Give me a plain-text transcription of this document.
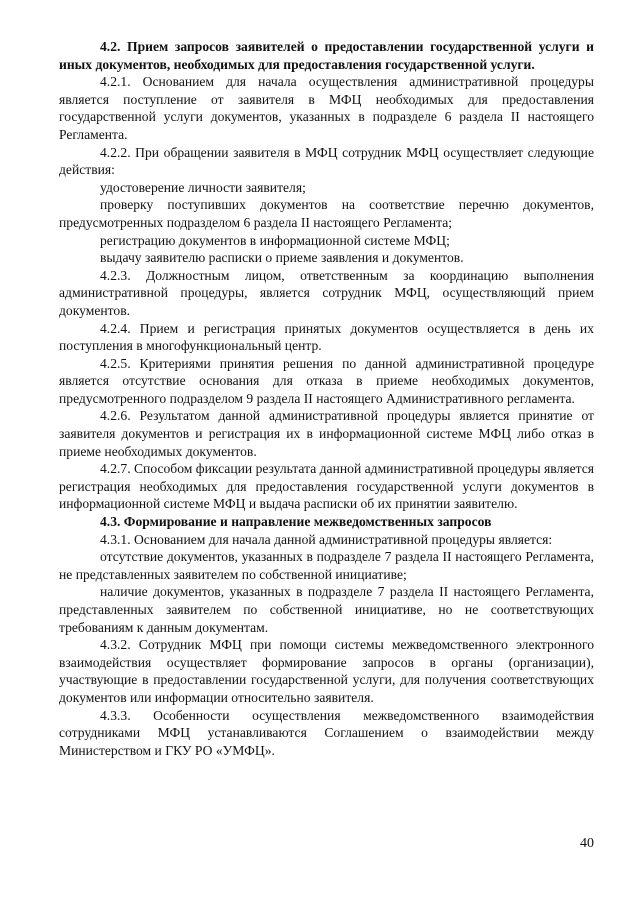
4.2. Прием запросов заявителей о предоставлении государственной услуги и иных документов, необходимых для предоставления государственной услуги.

4.2.1. Основанием для начала осуществления административной процедуры является поступление от заявителя в МФЦ необходимых для предоставления государственной услуги документов, указанных в подразделе 6 раздела II настоящего Регламента.

4.2.2. При обращении заявителя в МФЦ сотрудник МФЦ осуществляет следующие действия:

удостоверение личности заявителя;

проверку поступивших документов на соответствие перечню документов, предусмотренных подразделом 6 раздела II настоящего Регламента;

регистрацию документов в информационной системе МФЦ;

выдачу заявителю расписки о приеме заявления и документов.

4.2.3. Должностным лицом, ответственным за координацию выполнения административной процедуры, является сотрудник МФЦ, осуществляющий прием документов.

4.2.4. Прием и регистрация принятых документов осуществляется в день их поступления в многофункциональный центр.

4.2.5. Критериями принятия решения по данной административной процедуре является отсутствие основания для отказа в приеме необходимых документов, предусмотренного подразделом 9 раздела II настоящего Административного регламента.

4.2.6. Результатом данной административной процедуры является принятие от заявителя документов и регистрация их в информационной системе МФЦ либо отказ в приеме необходимых документов.

4.2.7. Способом фиксации результата данной административной процедуры является регистрация необходимых для предоставления государственной услуги документов в информационной системе МФЦ и выдача расписки об их принятии заявителю.

4.3. Формирование и направление межведомственных запросов

4.3.1. Основанием для начала данной административной процедуры является:

отсутствие документов, указанных в подразделе 7 раздела II настоящего Регламента, не представленных заявителем по собственной инициативе;

наличие документов, указанных в подразделе 7 раздела II настоящего Регламента, представленных заявителем по собственной инициативе, но не соответствующих требованиям к данным документам.

4.3.2. Сотрудник МФЦ при помощи системы межведомственного электронного взаимодействия осуществляет формирование запросов в органы (организации), участвующие в предоставлении государственной услуги, для получения соответствующих документов или информации относительно заявителя.

4.3.3. Особенности осуществления межведомственного взаимодействия сотрудниками МФЦ устанавливаются Соглашением о взаимодействии между Министерством и ГКУ РО «УМФЦ».

40
